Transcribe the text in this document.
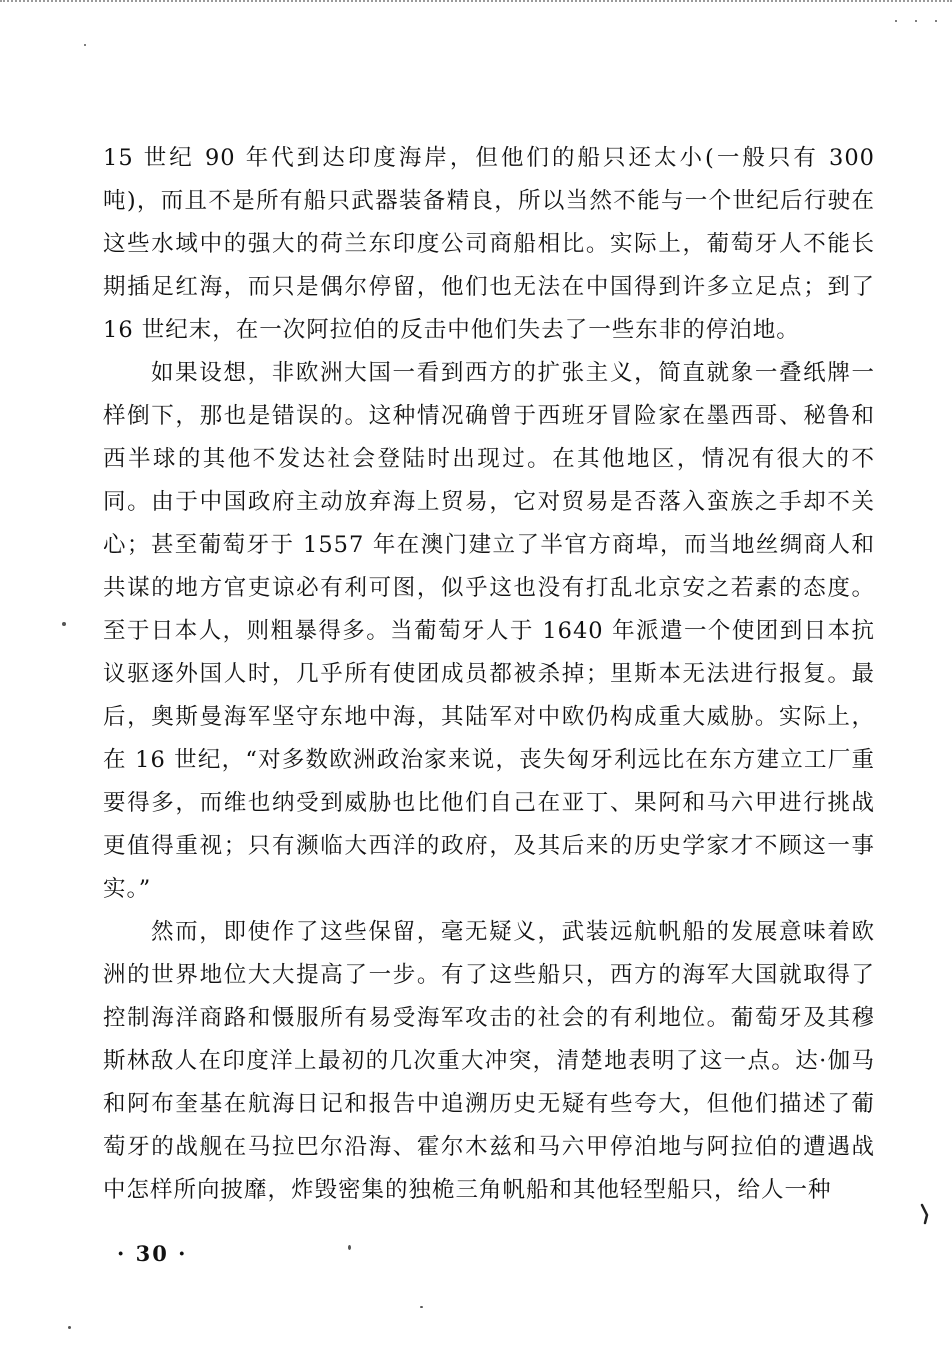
15 世纪 90 年代到达印度海岸，但他们的船只还太小(一般只有 300 吨)，而且不是所有船只武器装备精良，所以当然不能与一个世纪后行驶在这些水域中的强大的荷兰东印度公司商船相比。实际上，葡萄牙人不能长期插足红海，而只是偶尔停留，他们也无法在中国得到许多立足点；到了 16 世纪末，在一次阿拉伯的反击中他们失去了一些东非的停泊地。

如果设想，非欧洲大国一看到西方的扩张主义，简直就象一叠纸牌一样倒下，那也是错误的。这种情况确曾于西班牙冒险家在墨西哥、秘鲁和西半球的其他不发达社会登陆时出现过。在其他地区，情况有很大的不同。由于中国政府主动放弃海上贸易，它对贸易是否落入蛮族之手却不关心；甚至葡萄牙于 1557 年在澳门建立了半官方商埠，而当地丝绸商人和共谋的地方官吏谅必有利可图，似乎这也没有打乱北京安之若素的态度。至于日本人，则粗暴得多。当葡萄牙人于 1640 年派遣一个使团到日本抗议驱逐外国人时，几乎所有使团成员都被杀掉；里斯本无法进行报复。最后，奥斯曼海军坚守东地中海，其陆军对中欧仍构成重大威胁。实际上，在 16 世纪，“对多数欧洲政治家来说，丧失匈牙利远比在东方建立工厂重要得多，而维也纳受到威胁也比他们自己在亚丁、果阿和马六甲进行挑战更值得重视；只有濒临大西洋的政府，及其后来的历史学家才不顾这一事实。”

然而，即使作了这些保留，毫无疑义，武装远航帆船的发展意味着欧洲的世界地位大大提高了一步。有了这些船只，西方的海军大国就取得了控制海洋商路和慑服所有易受海军攻击的社会的有利地位。葡萄牙及其穆斯林敌人在印度洋上最初的几次重大冲突，清楚地表明了这一点。达·伽马和阿布奎基在航海日记和报告中追溯历史无疑有些夸大，但他们描述了葡萄牙的战舰在马拉巴尔沿海、霍尔木兹和马六甲停泊地与阿拉伯的遭遇战中怎样所向披靡，炸毁密集的独桅三角帆船和其他轻型船只，给人一种

· 30 ·
